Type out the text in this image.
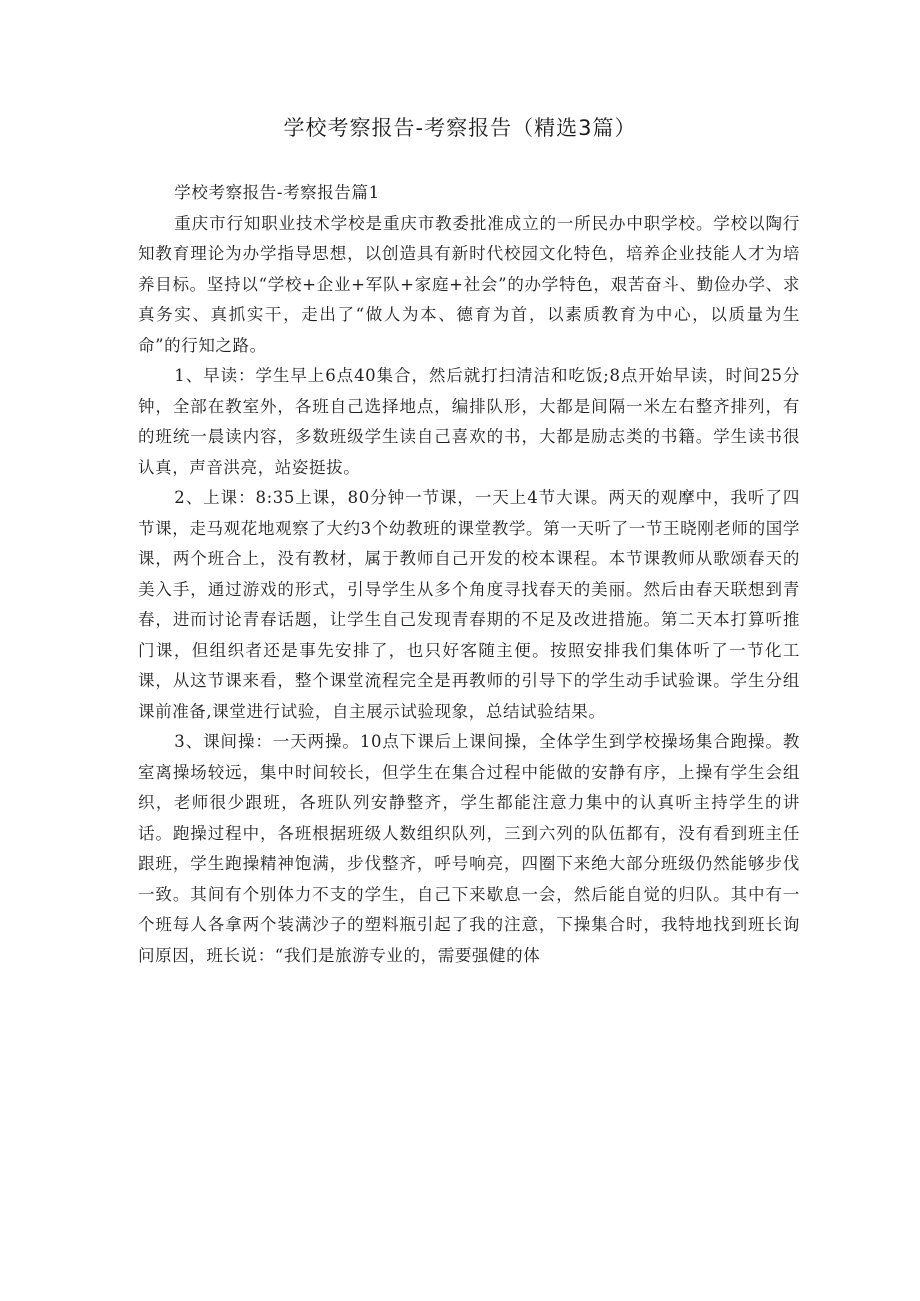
学校考察报告-考察报告（精选3篇）

学校考察报告-考察报告篇1

重庆市行知职业技术学校是重庆市教委批准成立的一所民办中职学校。学校以陶行知教育理论为办学指导思想，以创造具有新时代校园文化特色，培养企业技能人才为培养目标。坚持以“学校+企业+军队+家庭+社会”的办学特色，艰苦奋斗、勤俭办学、求真务实、真抓实干，走出了“做人为本、德育为首，以素质教育为中心，以质量为生命”的行知之路。

1、早读：学生早上6点40集合，然后就打扫清洁和吃饭;8点开始早读，时间25分钟，全部在教室外，各班自己选择地点，编排队形，大都是间隔一米左右整齐排列，有的班统一晨读内容，多数班级学生读自己喜欢的书，大都是励志类的书籍。学生读书很认真，声音洪亮，站姿挺拔。

2、上课：8:35上课，80分钟一节课，一天上4节大课。两天的观摩中，我听了四节课，走马观花地观察了大约3个幼教班的课堂教学。第一天听了一节王晓刚老师的国学课，两个班合上，没有教材，属于教师自己开发的校本课程。本节课教师从歌颂春天的美入手，通过游戏的形式，引导学生从多个角度寻找春天的美丽。然后由春天联想到青春，进而讨论青春话题，让学生自己发现青春期的不足及改进措施。第二天本打算听推门课，但组织者还是事先安排了，也只好客随主便。按照安排我们集体听了一节化工课，从这节课来看，整个课堂流程完全是再教师的引导下的学生动手试验课。学生分组课前准备,课堂进行试验，自主展示试验现象，总结试验结果。

3、课间操：一天两操。10点下课后上课间操，全体学生到学校操场集合跑操。教室离操场较远，集中时间较长，但学生在集合过程中能做的安静有序，上操有学生会组织，老师很少跟班，各班队列安静整齐，学生都能注意力集中的认真听主持学生的讲话。跑操过程中，各班根据班级人数组织队列，三到六列的队伍都有，没有看到班主任跟班，学生跑操精神饱满，步伐整齐，呼号响亮，四圈下来绝大部分班级仍然能够步伐一致。其间有个别体力不支的学生，自己下来歇息一会，然后能自觉的归队。其中有一个班每人各拿两个装满沙子的塑料瓶引起了我的注意，下操集合时，我特地找到班长询问原因，班长说：“我们是旅游专业的，需要强健的体
